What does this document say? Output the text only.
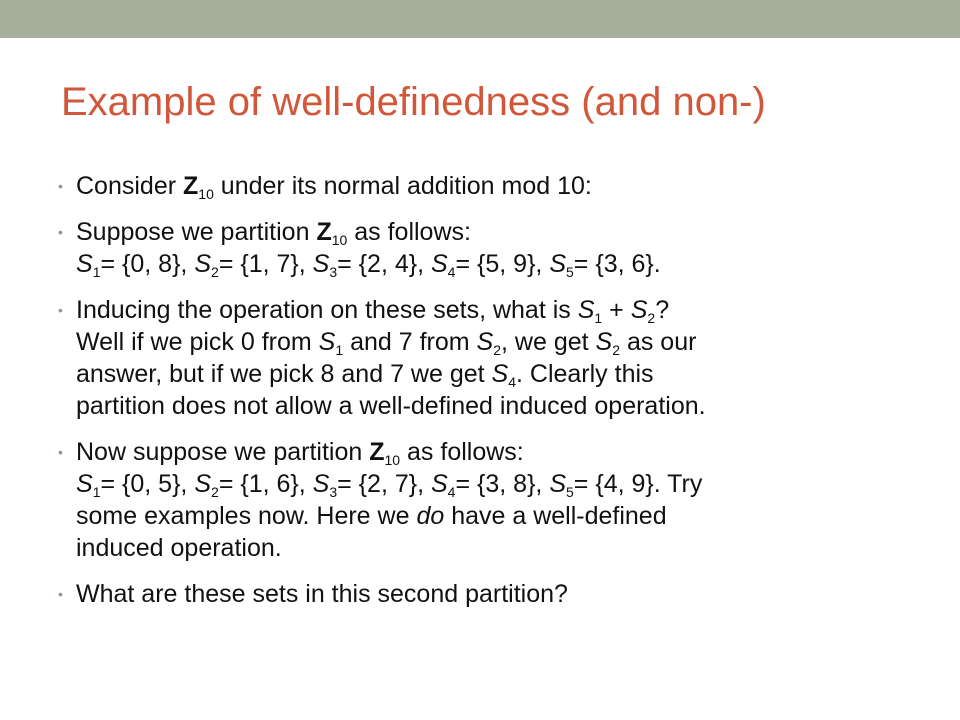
Example of well-definedness (and non-)
• Consider $Z_{10}$ under its normal addition mod 10:
• Suppose we partition $Z_{10}$ as follows:
$S_1= \{0$, 8}, $S_2= \{1$, 7}, $S_3= \{2$, 4}, $S_4= \{5$, 9}, $S_5= \{3$, 6}.
• Inducing the operation on these sets, what is $S_1 + S_2$?
Well if we pick 0 from $S_1$ and 7 from $S_2$, we get $S_2$ as our
answer, but if we pick 8 and 7 we get $S_4$. Clearly this
partition does not allow a well-defined induced operation.
• Now suppose we partition $Z_{10}$ as follows:
$S_1= \{0$, 5}, $S_2= \{1$, 6}, $S_3= \{2$, 7}, $S_4= \{3$, 8}, $S_5= \{4$, 9}. Try
some examples now. Here we do have a well-defined
induced operation.
• What are these sets in this second partition?
